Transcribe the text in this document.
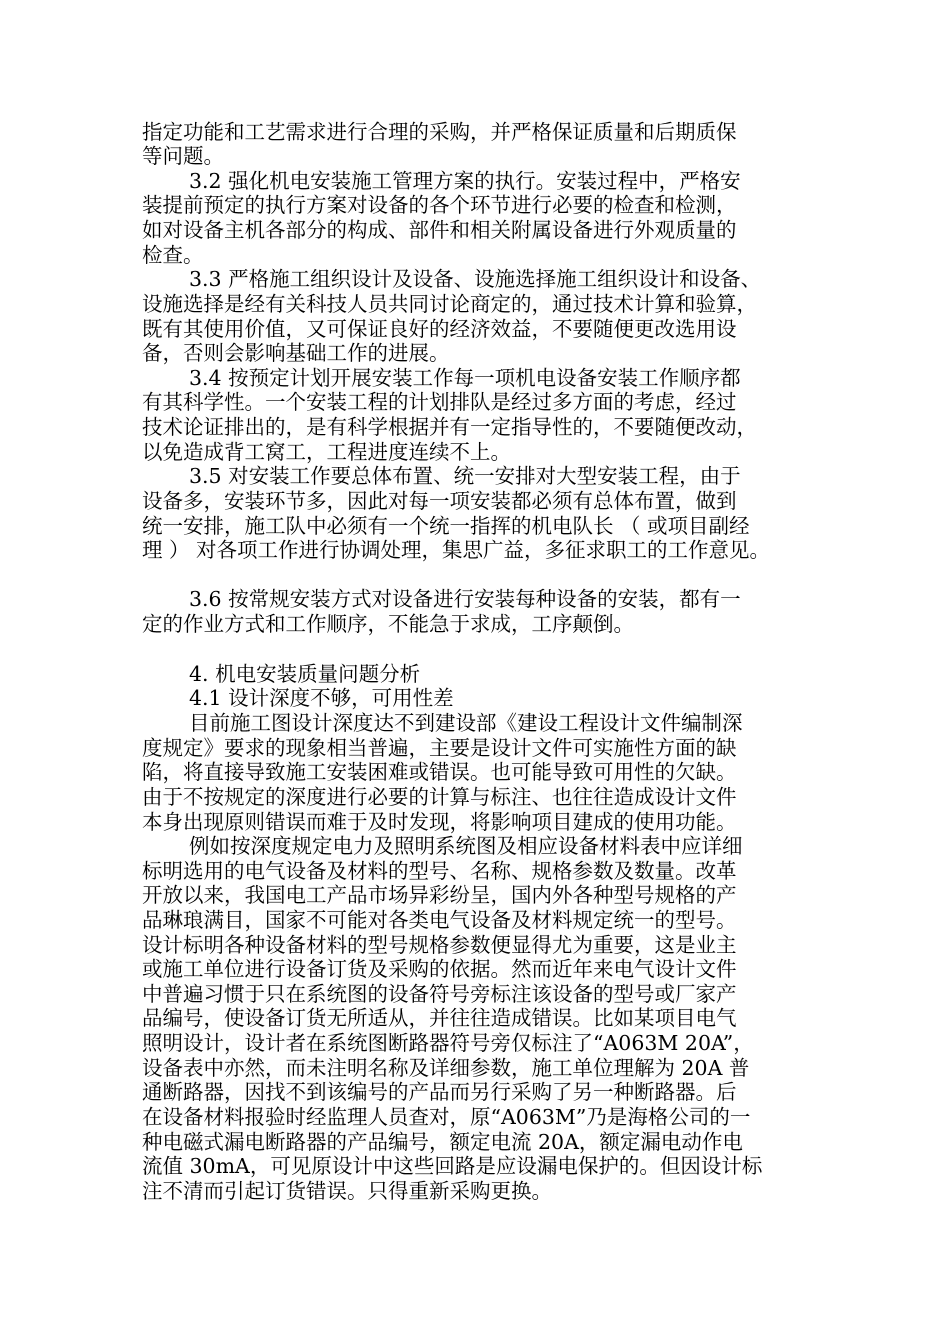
指定功能和工艺需求进行合理的采购，并严格保证质量和后期质保
等问题。
3.2 强化机电安装施工管理方案的执行。安装过程中，严格安
装提前预定的执行方案对设备的各个环节进行必要的检查和检测，
如对设备主机各部分的构成、部件和相关附属设备进行外观质量的
检查。
3.3 严格施工组织设计及设备、设施选择施工组织设计和设备、
设施选择是经有关科技人员共同讨论商定的，通过技术计算和验算，
既有其使用价值，又可保证良好的经济效益，不要随便更改选用设
备，否则会影响基础工作的进展。
3.4 按预定计划开展安装工作每一项机电设备安装工作顺序都
有其科学性。一个安装工程的计划排队是经过多方面的考虑，经过
技术论证排出的，是有科学根据并有一定指导性的，不要随便改动，
以免造成背工窝工，工程进度连续不上。
3.5 对安装工作要总体布置、统一安排对大型安装工程，由于
设备多，安装环节多，因此对每一项安装都必须有总体布置，做到
统一安排，施工队中必须有一个统一指挥的机电队长 （ 或项目副经
理 ） 对各项工作进行协调处理，集思广益，多征求职工的工作意见。
3.6 按常规安装方式对设备进行安装每种设备的安装，都有一
定的作业方式和工作顺序，不能急于求成，工序颠倒。
4. 机电安装质量问题分析
4.1 设计深度不够，可用性差
目前施工图设计深度达不到建设部《建设工程设计文件编制深
度规定》要求的现象相当普遍，主要是设计文件可实施性方面的缺
陷，将直接导致施工安装困难或错误。也可能导致可用性的欠缺。
由于不按规定的深度进行必要的计算与标注、也往往造成设计文件
本身出现原则错误而难于及时发现，将影响项目建成的使用功能。
例如按深度规定电力及照明系统图及相应设备材料表中应详细
标明选用的电气设备及材料的型号、名称、规格参数及数量。改革
开放以来，我国电工产品市场异彩纷呈，国内外各种型号规格的产
品琳琅满目，国家不可能对各类电气设备及材料规定统一的型号。
设计标明各种设备材料的型号规格参数便显得尤为重要，这是业主
或施工单位进行设备订货及采购的依据。然而近年来电气设计文件
中普遍习惯于只在系统图的设备符号旁标注该设备的型号或厂家产
品编号，使设备订货无所适从，并往往造成错误。比如某项目电气
照明设计，设计者在系统图断路器符号旁仅标注了“A063M 20A”，
设备表中亦然，而未注明名称及详细参数，施工单位理解为 20A 普
通断路器，因找不到该编号的产品而另行采购了另一种断路器。后
在设备材料报验时经监理人员查对，原“A063M”乃是海格公司的一
种电磁式漏电断路器的产品编号，额定电流 20A，额定漏电动作电
流值 30mA，可见原设计中这些回路是应设漏电保护的。但因设计标
注不清而引起订货错误。只得重新采购更换。
